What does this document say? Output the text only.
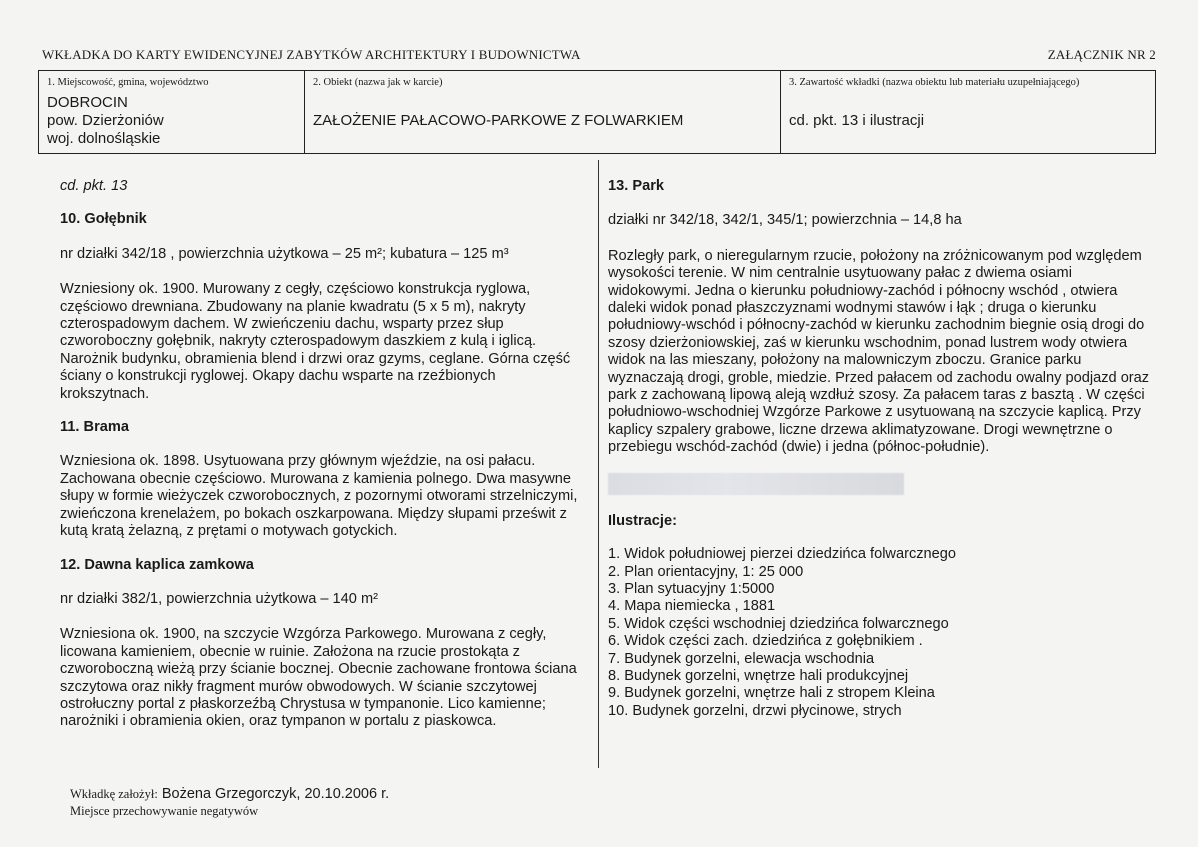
WKŁADKA DO KARTY EWIDENCYJNEJ ZABYTKÓW ARCHITEKTURY I BUDOWNICTWA	ZAŁĄCZNIK NR 2
1. Miejscowość, gmina, województwo
DOBROCIN
pow. Dzierżoniów
woj. dolnośląskie
2. Obiekt (nazwa jak w karcie)
ZAŁOŻENIE PAŁACOWO-PARKOWE Z FOLWARKIEM
3. Zawartość wkładki (nazwa obiektu lub materiału uzupełniającego)
cd. pkt. 13 i ilustracji
cd. pkt. 13
10. Gołębnik
nr działki 342/18 , powierzchnia użytkowa – 25 m²; kubatura – 125 m³
Wzniesiony ok. 1900. Murowany z cegły, częściowo konstrukcja ryglowa, częściowo drewniana. Zbudowany na planie kwadratu (5 x 5 m), nakryty czterospadowym dachem. W zwieńczeniu dachu, wsparty przez słup czworoboczny gołębnik, nakryty czterospadowym daszkiem z kulą i iglicą. Narożnik budynku, obramienia blend i drzwi oraz gzyms, ceglane. Górna część ściany o konstrukcji ryglowej. Okapy dachu wsparte na rzeźbionych krokszytnach.
11. Brama
Wzniesiona ok. 1898. Usytuowana przy głównym wjeździe, na osi pałacu. Zachowana obecnie częściowo. Murowana z kamienia polnego. Dwa masywne słupy w formie wieżyczek czworobocznych, z pozornymi otworami strzelniczymi, zwieńczona krenelażem, po bokach oszkarpowana. Między słupami prześwit z kutą kratą żelazną, z prętami o motywach gotyckich.
12. Dawna kaplica zamkowa
nr działki 382/1, powierzchnia użytkowa – 140 m²
Wzniesiona ok. 1900, na szczycie Wzgórza Parkowego. Murowana z cegły, licowana kamieniem, obecnie w ruinie. Założona na rzucie prostokąta z czworoboczną wieżą przy ścianie bocznej. Obecnie zachowane frontowa ściana szczytowa oraz nikły fragment murów obwodowych. W ścianie szczytowej ostrołuczny portal z płaskorzeźbą Chrystusa w tympanonie. Lico kamienne; narożniki i obramienia okien, oraz tympanon w portalu z piaskowca.
13. Park
działki nr 342/18, 342/1, 345/1; powierzchnia – 14,8 ha
Rozległy park, o nieregularnym rzucie, położony na zróżnicowanym pod względem wysokości terenie. W nim centralnie usytuowany pałac z dwiema osiami widokowymi. Jedna o kierunku południowy-zachód i północny wschód , otwiera daleki widok ponad płaszczyznami wodnymi stawów i łąk ; druga o kierunku południowy-wschód i północny-zachód w kierunku zachodnim biegnie osią drogi do szosy dzierżoniowskiej, zaś w kierunku wschodnim, ponad lustrem wody otwiera widok na las mieszany, położony na malowniczym zboczu. Granice parku wyznaczają drogi, groble, miedzie. Przed pałacem od zachodu owalny podjazd oraz park z zachowaną lipową aleją wzdłuż szosy. Za pałacem taras z basztą . W części południowo-wschodniej Wzgórze Parkowe z usytuowaną na szczycie kaplicą. Przy kaplicy szpalery grabowe, liczne drzewa aklimatyzowane. Drogi wewnętrzne o przebiegu wschód-zachód (dwie) i jedna (północ-południe).
Ilustracje:
1. Widok południowej pierzei dziedzińca folwarcznego
2. Plan orientacyjny, 1: 25 000
3. Plan sytuacyjny 1:5000
4. Mapa niemiecka , 1881
5. Widok części wschodniej dziedzińca folwarcznego
6. Widok części zach. dziedzińca z gołębnikiem .
7. Budynek gorzelni, elewacja wschodnia
8. Budynek gorzelni, wnętrze hali produkcyjnej
9. Budynek gorzelni, wnętrze hali z stropem Kleina
10. Budynek gorzelni, drzwi płycinowe, strych
Wkładkę założył: Bożena Grzegorczyk, 20.10.2006 r.
Miejsce przechowywanie negatywów
